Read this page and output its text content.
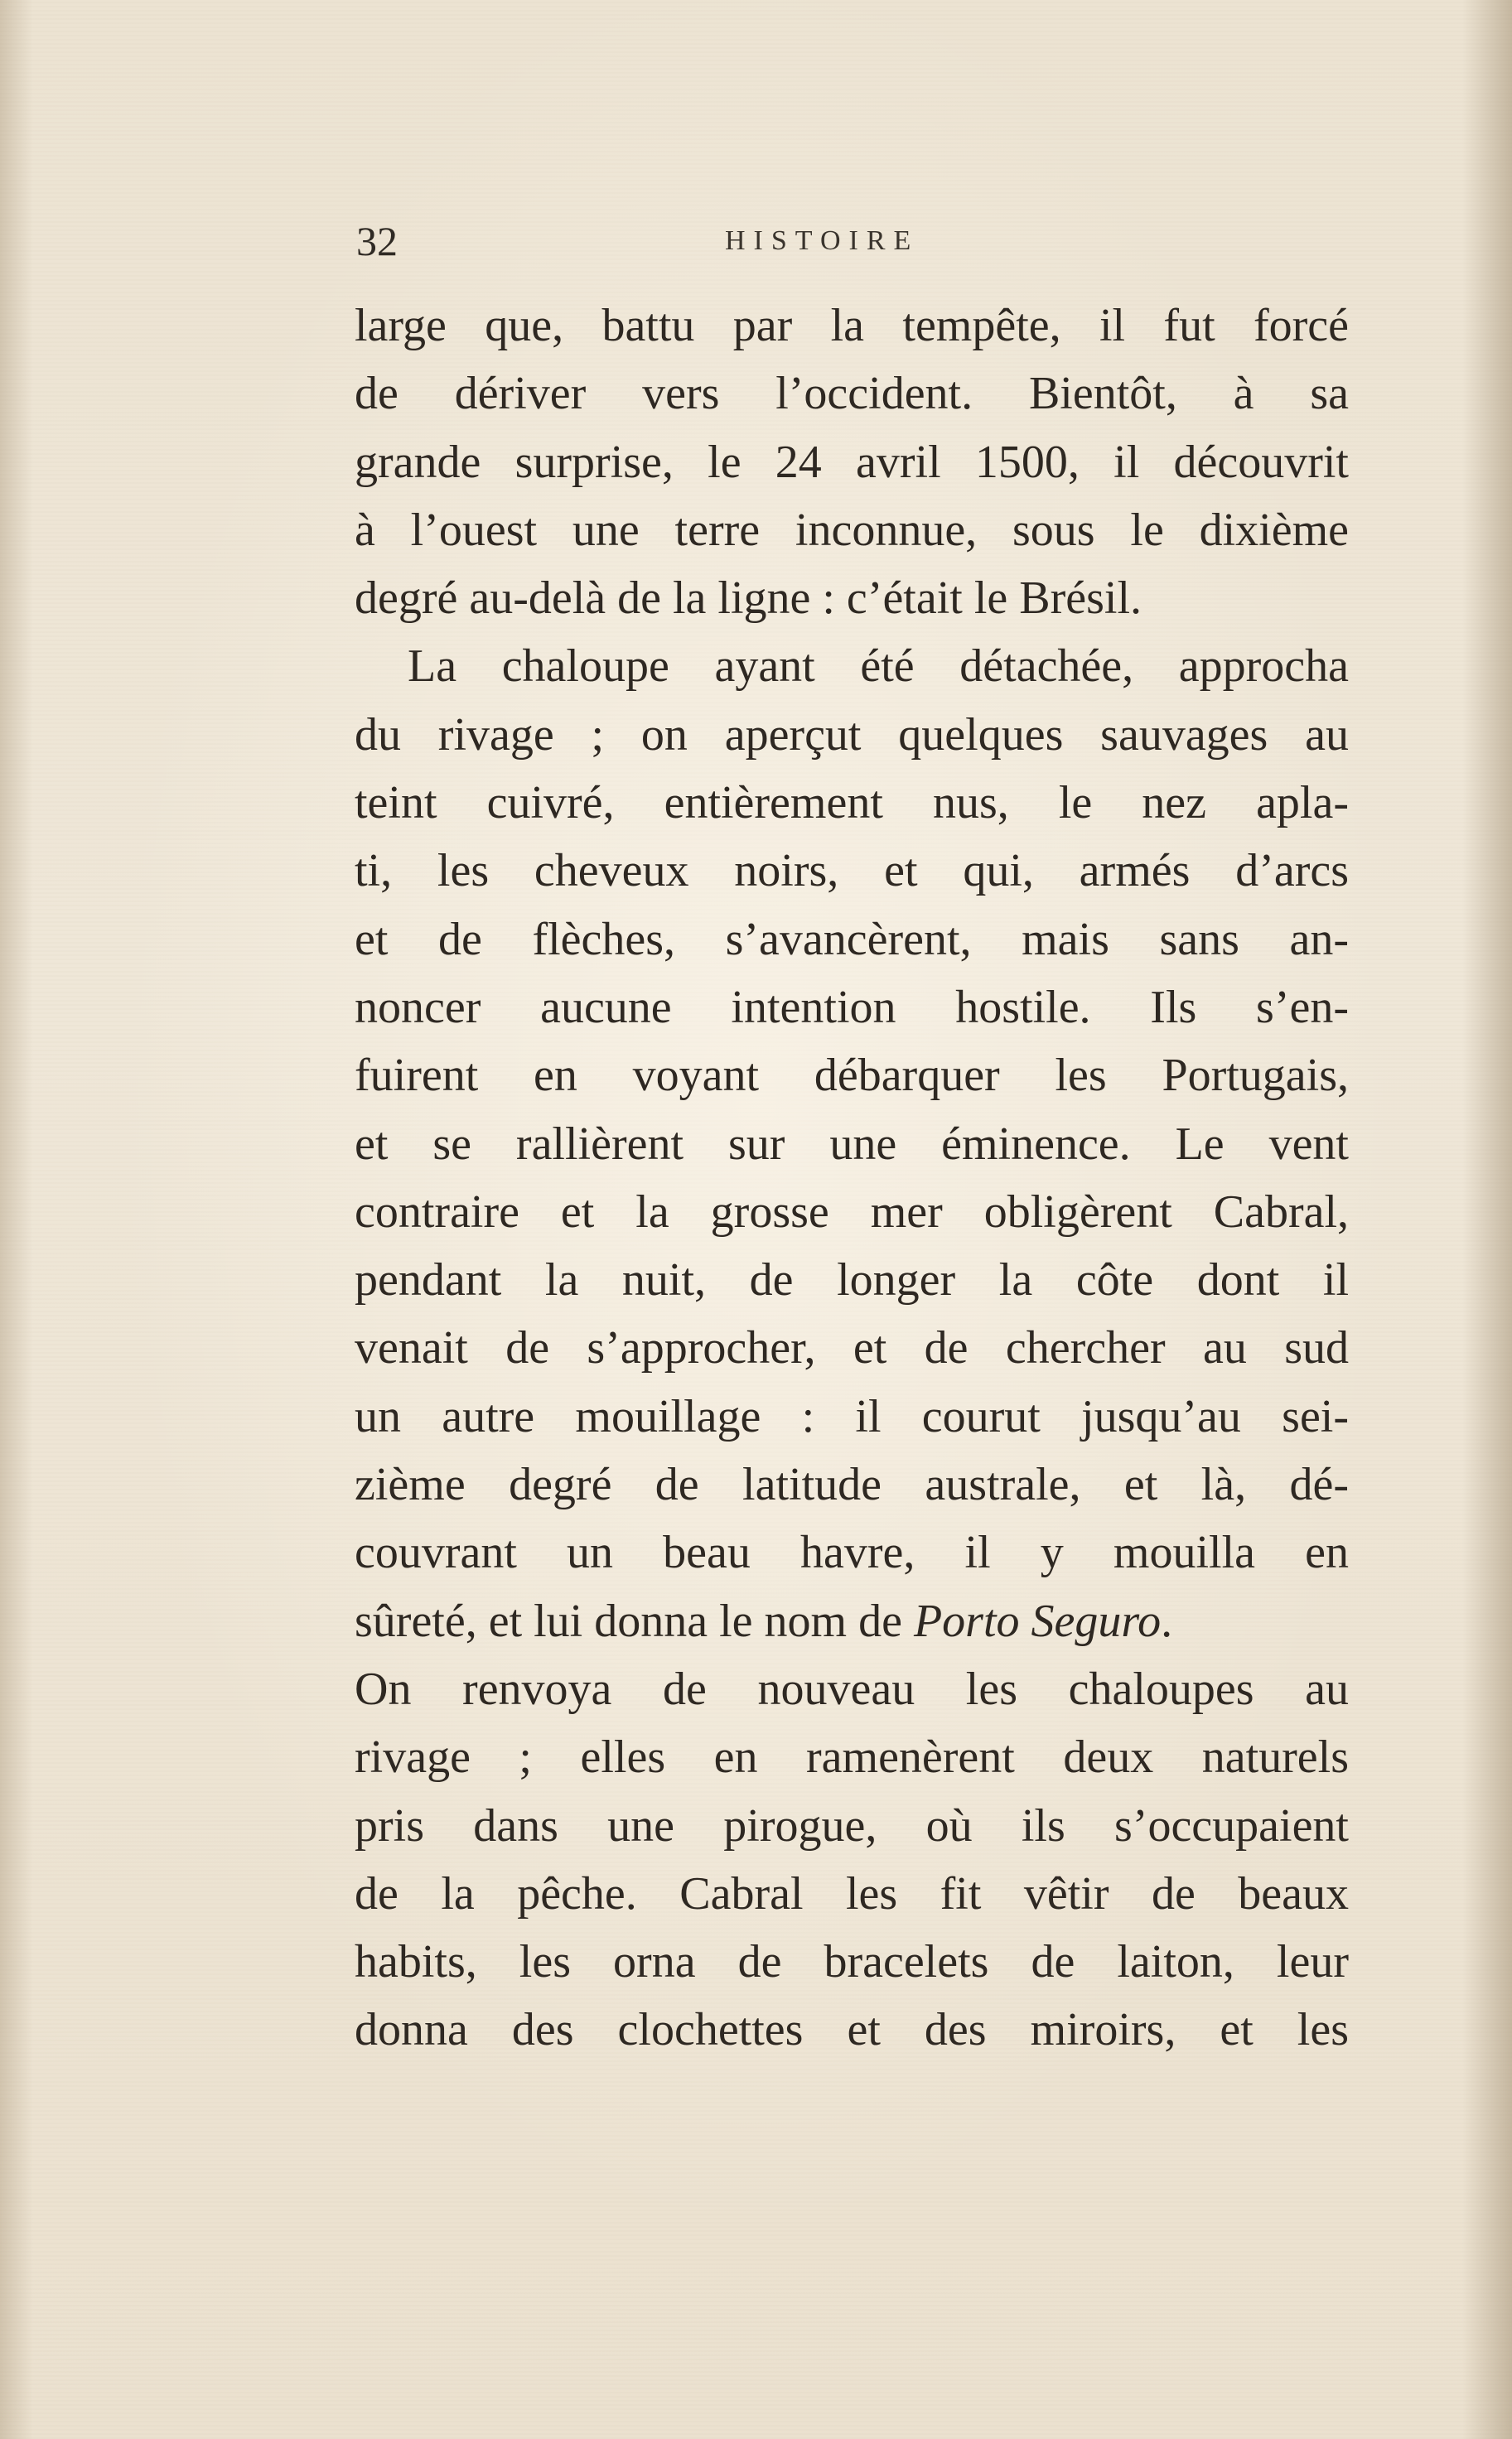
32	HISTOIRE
large que, battu par la tempête, il fut forcé
de dériver vers l’occident. Bientôt, à sa
grande surprise, le 24 avril 1500, il découvrit
à l’ouest une terre inconnue, sous le dixième
degré au-delà de la ligne : c’était le Brésil.
La chaloupe ayant été détachée, approcha
du rivage ; on aperçut quelques sauvages au
teint cuivré, entièrement nus, le nez apla-
ti, les cheveux noirs, et qui, armés d’arcs
et de flèches, s’avancèrent, mais sans an-
noncer aucune intention hostile. Ils s’en-
fuirent en voyant débarquer les Portugais,
et se rallièrent sur une éminence. Le vent
contraire et la grosse mer obligèrent Cabral,
pendant la nuit, de longer la côte dont il
venait de s’approcher, et de chercher au sud
un autre mouillage : il courut jusqu’au sei-
zième degré de latitude australe, et là, dé-
couvrant un beau havre, il y mouilla en
sûreté, et lui donna le nom de Porto Seguro.
On renvoya de nouveau les chaloupes au
rivage ; elles en ramenèrent deux naturels
pris dans une pirogue, où ils s’occupaient
de la pêche. Cabral les fit vêtir de beaux
habits, les orna de bracelets de laiton, leur
donna des clochettes et des miroirs, et les
